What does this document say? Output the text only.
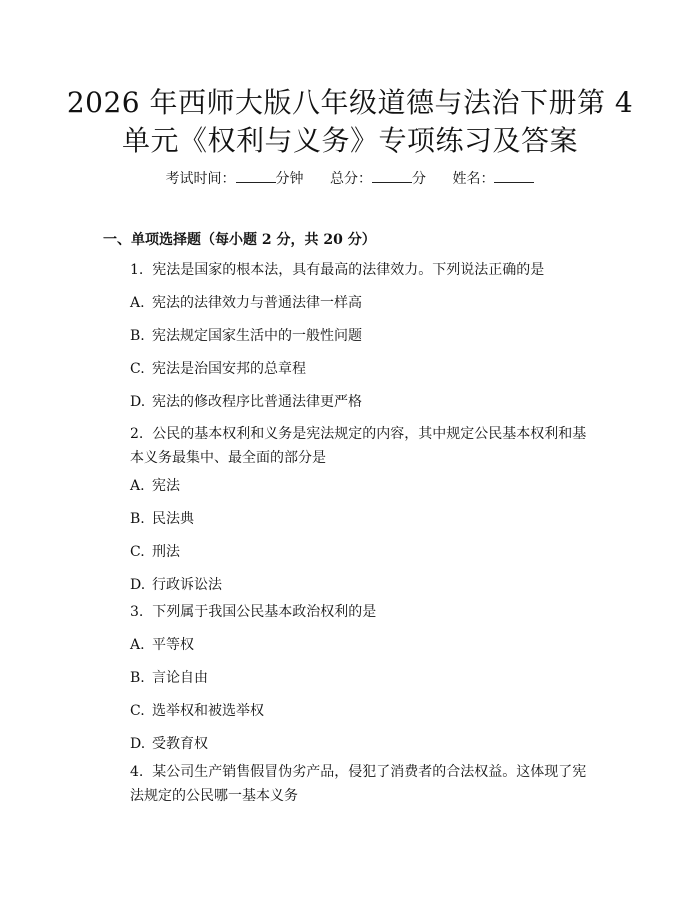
2026 年西师大版八年级道德与法治下册第 4
单元《权利与义务》专项练习及答案
考试时间：	分钟 总分：	分 姓名：
一、单项选择题（每小题 2 分，共 20 分）
1. 宪法是国家的根本法，具有最高的法律效力。下列说法正确的是
A. 宪法的法律效力与普通法律一样高
B. 宪法规定国家生活中的一般性问题
C. 宪法是治国安邦的总章程
D. 宪法的修改程序比普通法律更严格
2. 公民的基本权利和义务是宪法规定的内容，其中规定公民基本权利和基本义务最集中、最全面的部分是
A. 宪法
B. 民法典
C. 刑法
D. 行政诉讼法
3. 下列属于我国公民基本政治权利的是
A. 平等权
B. 言论自由
C. 选举权和被选举权
D. 受教育权
4. 某公司生产销售假冒伪劣产品，侵犯了消费者的合法权益。这体现了宪法规定的公民哪一基本义务
